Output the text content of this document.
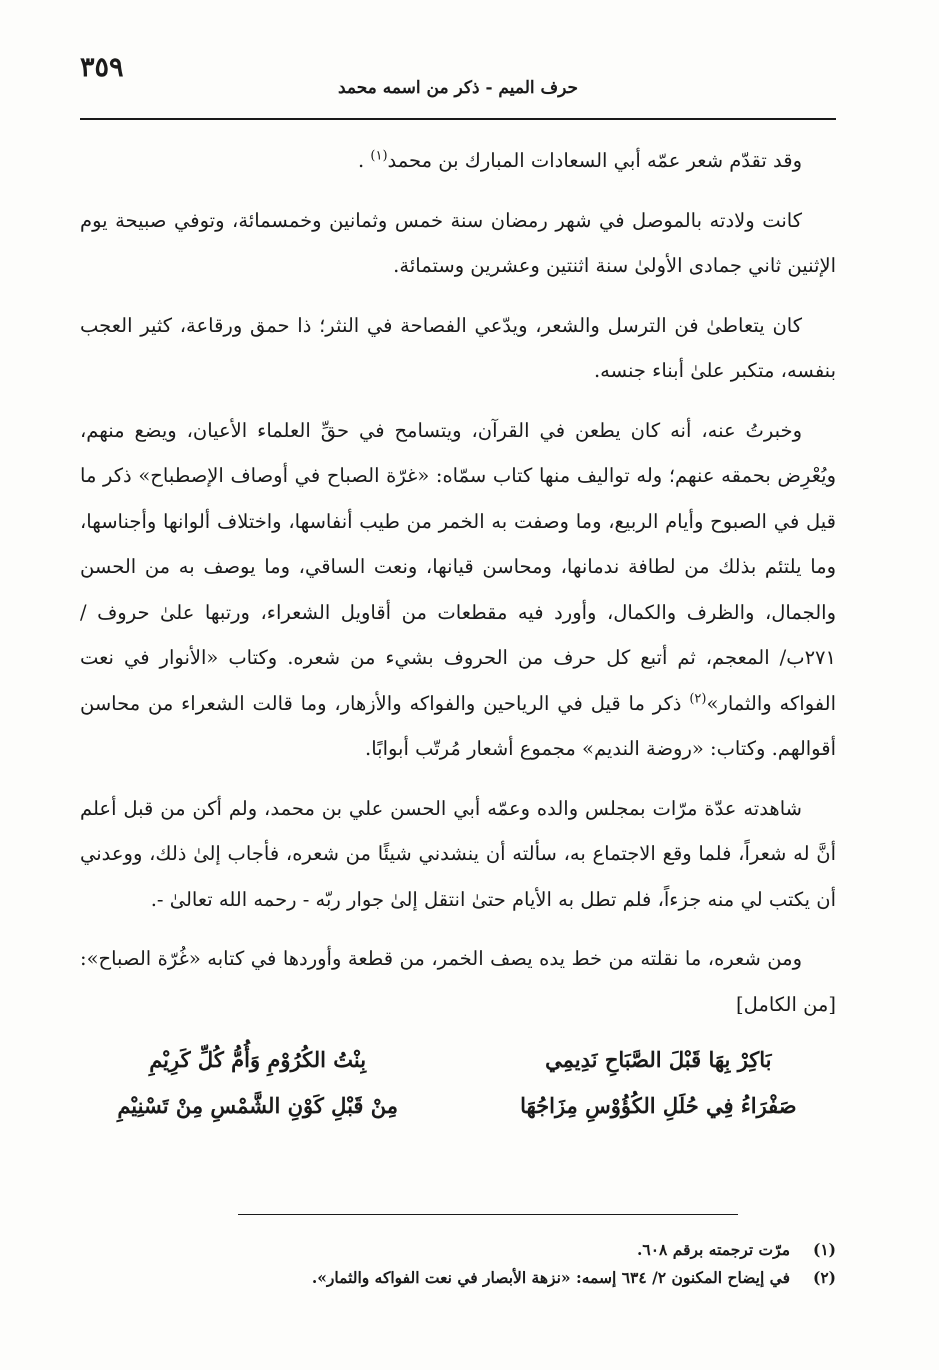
حرف الميم - ذكر من اسمه محمد
٣٥٩

وقد تقدّم شعر عمّه أبي السعادات المبارك بن محمد$^{(١)}$ .

كانت ولادته بالموصل في شهر رمضان سنة خمس وثمانين وخمسمائة، وتوفي صبيحة يوم الإثنين ثاني جمادى الأولىٰ سنة اثنتين وعشرين وستمائة.

كان يتعاطىٰ فن الترسل والشعر، ويدّعي الفصاحة في النثر؛ ذا حمق ورقاعة، كثير العجب بنفسه، متكبر علىٰ أبناء جنسه.

وخبرتُ عنه، أنه كان يطعن في القرآن، ويتسامح في حقِّ العلماء الأعيان، ويضع منهم، ويُعْرِض بحمقه عنهم؛ وله تواليف منها كتاب سمّاه: «غرّة الصباح في أوصاف الإصطباح» ذكر ما قيل في الصبوح وأيام الربيع، وما وصفت به الخمر من طيب أنفاسها، واختلاف ألوانها وأجناسها، وما يلتئم بذلك من لطافة ندمانها، ومحاسن قيانها، ونعت الساقي، وما يوصف به من الحسن والجمال، والظرف والكمال، وأورد فيه مقطعات من أقاويل الشعراء، ورتبها علىٰ حروف / ٢٧١ب/ المعجم، ثم أتبع كل حرف من الحروف بشيء من شعره. وكتاب «الأنوار في نعت الفواكه والثمار»$^{(٢)}$ ذكر ما قيل في الرياحين والفواكه والأزهار، وما قالت الشعراء من محاسن أقوالهم. وكتاب: «روضة النديم» مجموع أشعار مُرتّب أبوابًا.

شاهدته عدّة مرّات بمجلس والده وعمّه أبي الحسن علي بن محمد، ولم أكن من قبل أعلم أنَّ له شعراً، فلما وقع الاجتماع به، سألته أن ينشدني شيئًا من شعره، فأجاب إلىٰ ذلك، ووعدني أن يكتب لي منه جزءاً، فلم تطل به الأيام حتىٰ انتقل إلىٰ جوار ربّه - رحمه الله تعالىٰ -.

ومن شعره، ما نقلته من خط يده يصف الخمر، من قطعة وأوردها في كتابه «غُرّة الصباح»: [من الكامل]

بَاكِرْ بِهَا قَبْلَ الصَّبَاحِ نَدِيمِي
بِنْتُ الكُرُوْمِ وَأُمُّ كُلِّ كَرِيْمِ
صَفْرَاءُ فِي حُلَلِ الكُؤُوْسِ مِزَاجُهَا
مِنْ قَبْلِ كَوْنِ الشَّمْسِ مِنْ تَسْنِيْمِ
(١)
مرّت ترجمته برقم ٦٠٨.
(٢)
في إيضاح المكنون ٢/ ٦٣٤ إسمه: «نزهة الأبصار في نعت الفواكه والثمار».
